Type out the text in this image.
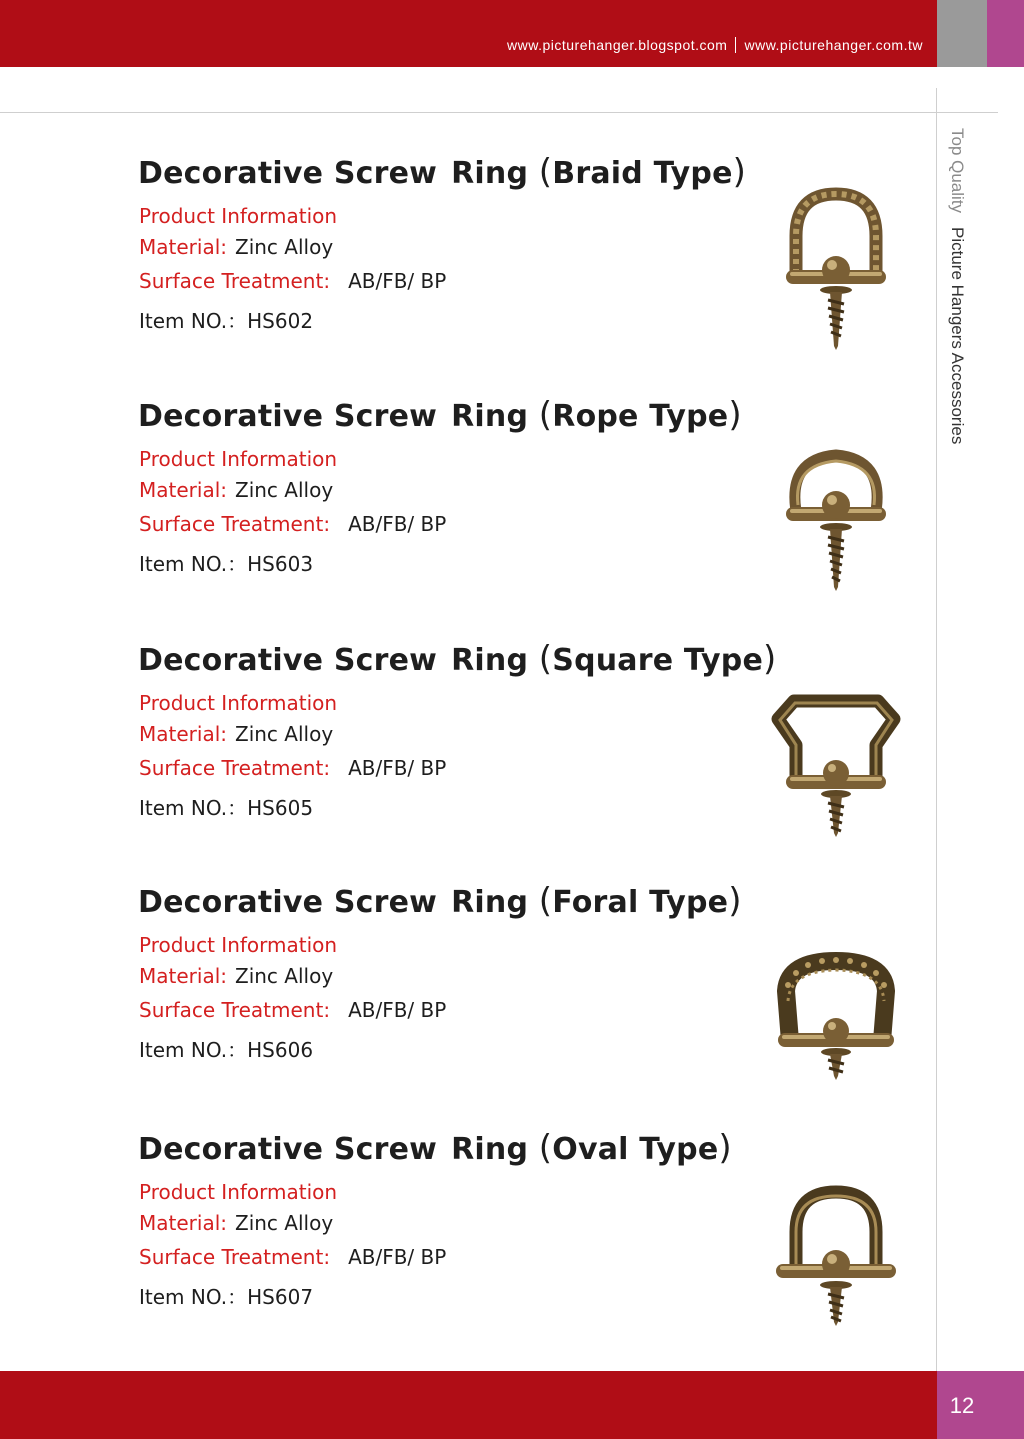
www.picturehanger.blogspot.com www.picturehanger.com.tw
Top QualityPicture Hangers Accessories
Decorative Screw Ring (Braid Type)
Product Information
Material: Zinc Alloy
Surface Treatment: AB/FB/ BP
Item NO.：HS602
Decorative Screw Ring (Rope Type)
Product Information
Material: Zinc Alloy
Surface Treatment: AB/FB/ BP
Item NO.：HS603
Decorative Screw Ring (Square Type)
Product Information
Material: Zinc Alloy
Surface Treatment: AB/FB/ BP
Item NO.：HS605
Decorative Screw Ring (Foral Type)
Product Information
Material: Zinc Alloy
Surface Treatment: AB/FB/ BP
Item NO.：HS606
Decorative Screw Ring (Oval Type)
Product Information
Material: Zinc Alloy
Surface Treatment: AB/FB/ BP
Item NO.：HS607
12
